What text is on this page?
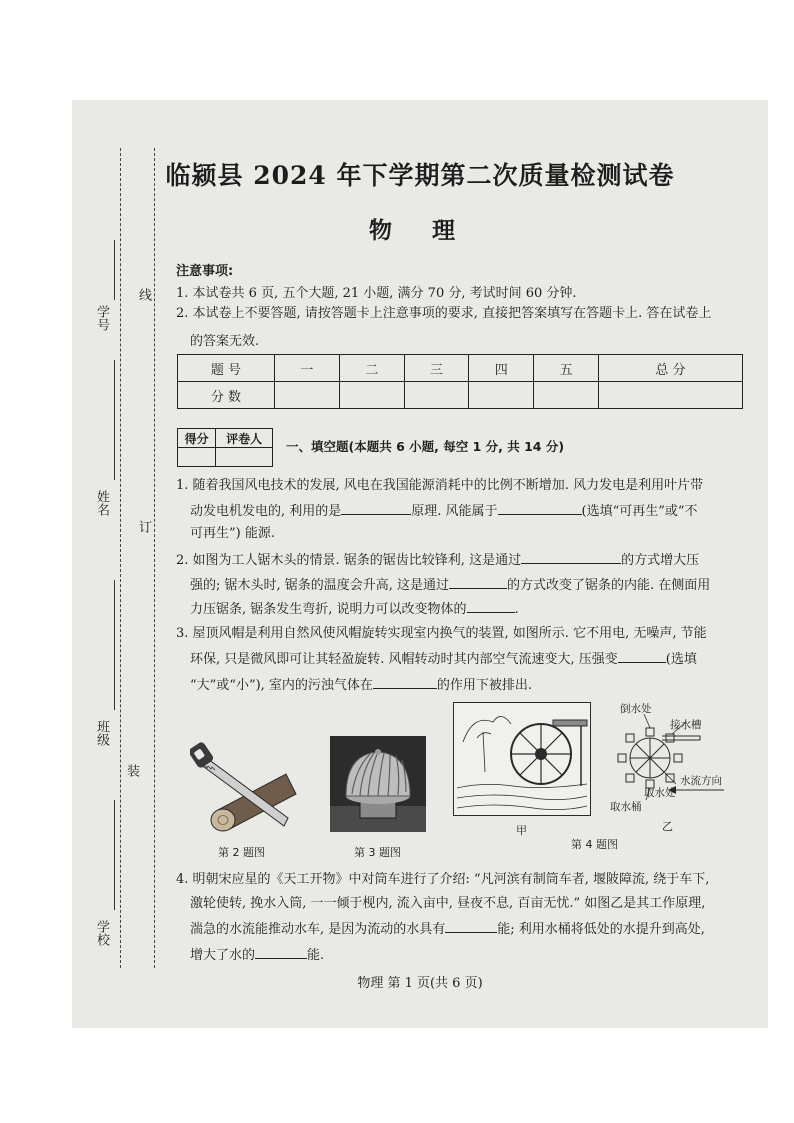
学号
姓名
班级
学校
线
订
装
临颍县 2024 年下学期第二次质量检测试卷
物 理
注意事项:
1. 本试卷共 6 页, 五个大题, 21 小题, 满分 70 分, 考试时间 60 分钟.
2. 本试卷上不要答题, 请按答题卡上注意事项的要求, 直接把答案填写在答题卡上. 答在试卷上
的答案无效.
题 号	一	二	三	四	五	总 分
分 数						
得分	评卷人

一、填空题(本题共 6 小题, 每空 1 分, 共 14 分)
1. 随着我国风电技术的发展, 风电在我国能源消耗中的比例不断增加. 风力发电是利用叶片带
动发电机发电的, 利用的是	原理. 风能属于	(选填“可再生”或“不
可再生”) 能源.
2. 如图为工人锯木头的情景. 锯条的锯齿比较锋利, 这是通过	的方式增大压
强的; 锯木头时, 锯条的温度会升高, 这是通过	的方式改变了锯条的内能. 在侧面用
力压锯条, 锯条发生弯折, 说明力可以改变物体的	.
3. 屋顶风帽是利用自然风使风帽旋转实现室内换气的装置, 如图所示. 它不用电, 无噪声, 节能
环保, 只是微风即可让其轻盈旋转. 风帽转动时其内部空气流速变大, 压强变	(选填
“大”或“小”), 室内的污浊气体在	的作用下被排出.
第 2 题图	第 3 题图
甲
倒水处
接水槽
水流方向
取水处
取水桶
第 4 题图
乙
4. 明朝宋应星的《天工开物》中对筒车进行了介绍: “凡河滨有制筒车者, 堰陂障流, 绕于车下,
激轮使转, 挽水入筒, 一一倾于枧内, 流入亩中, 昼夜不息, 百亩无忧.” 如图乙是其工作原理,
湍急的水流能推动水车, 是因为流动的水具有	能; 利用水桶将低处的水提升到高处,
增大了水的	能.
物理 第 1 页(共 6 页)
